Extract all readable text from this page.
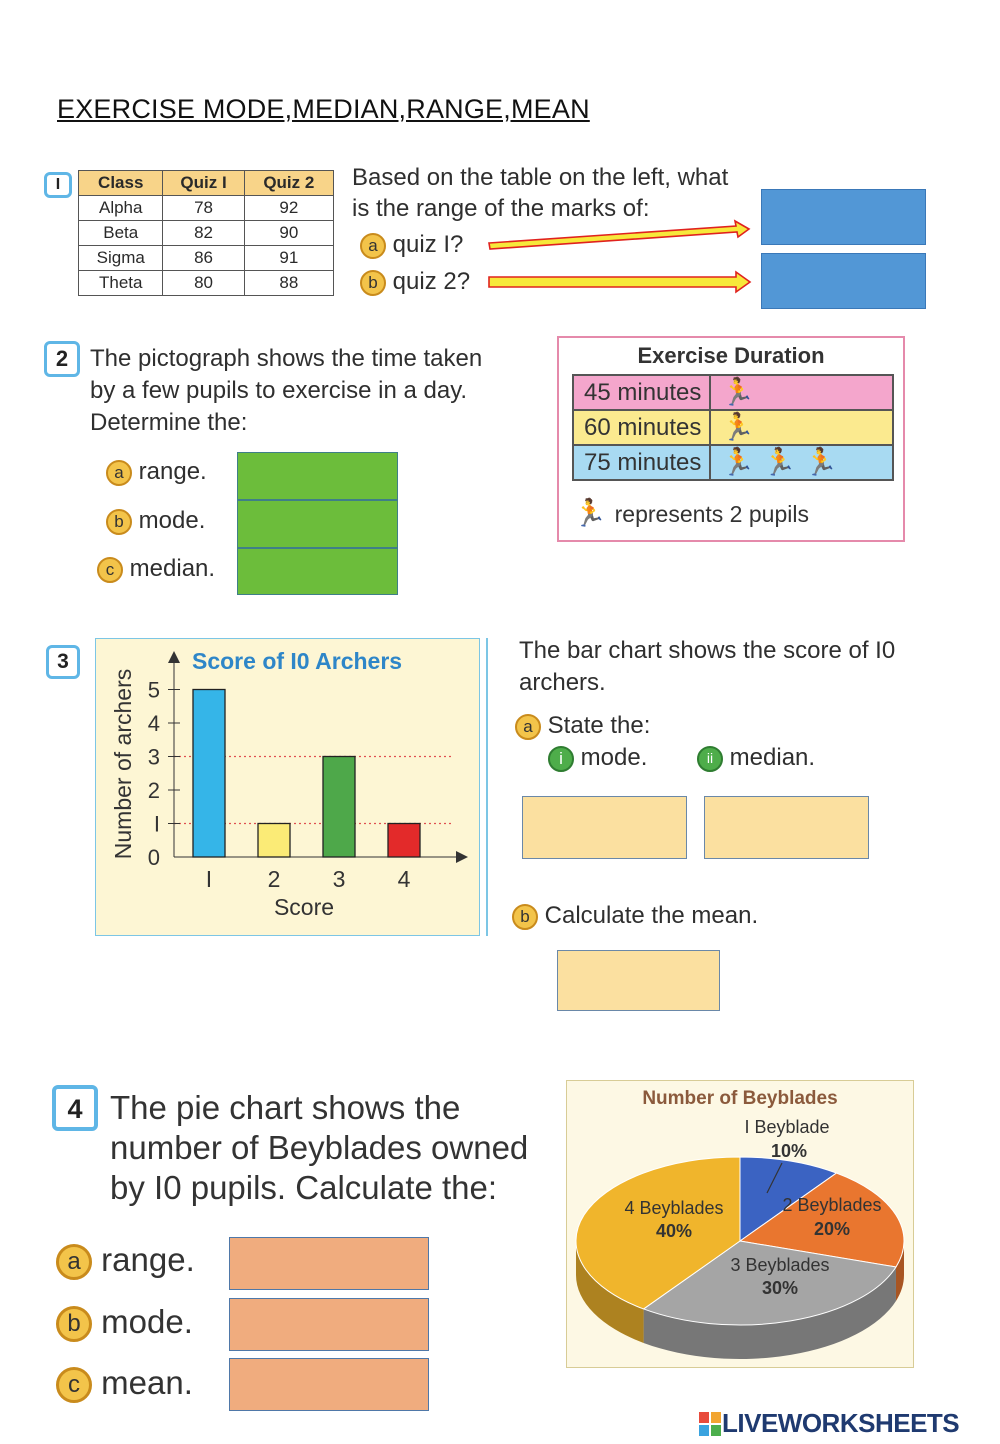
EXERCISE MODE,MEDIAN,RANGE,MEAN
I	Class	Quiz I	Quiz 2
Alpha	78	92
Beta	82	90
Sigma	86	91
Theta	80	88
Based on the table on the left, what
is the range of the marks of:
a quiz I?
b quiz 2?
2 The pictograph shows the time taken
by a few pupils to exercise in a day.
Determine the:
a range.
b mode.
c median.
Exercise Duration
45 minutes	🏃
60 minutes	🏃
75 minutes	🏃 🏃 🏃
🏃 represents 2 pupils
3	Score of I0 Archers
0
I
2
3
4
5
I 2 3 4
Score
Number of archers
The bar chart shows the score of I0
archers.
a State the:
i mode.	ii median.
b Calculate the mean.
4 The pie chart shows the
number of Beyblades owned
by I0 pupils. Calculate the:
a range.
b mode.
c mean.
Number of Beyblades
I Beyblade
10%
2 Beyblades
20%
3 Beyblades
30%
4 Beyblades
40%
LIVEWORKSHEETS
